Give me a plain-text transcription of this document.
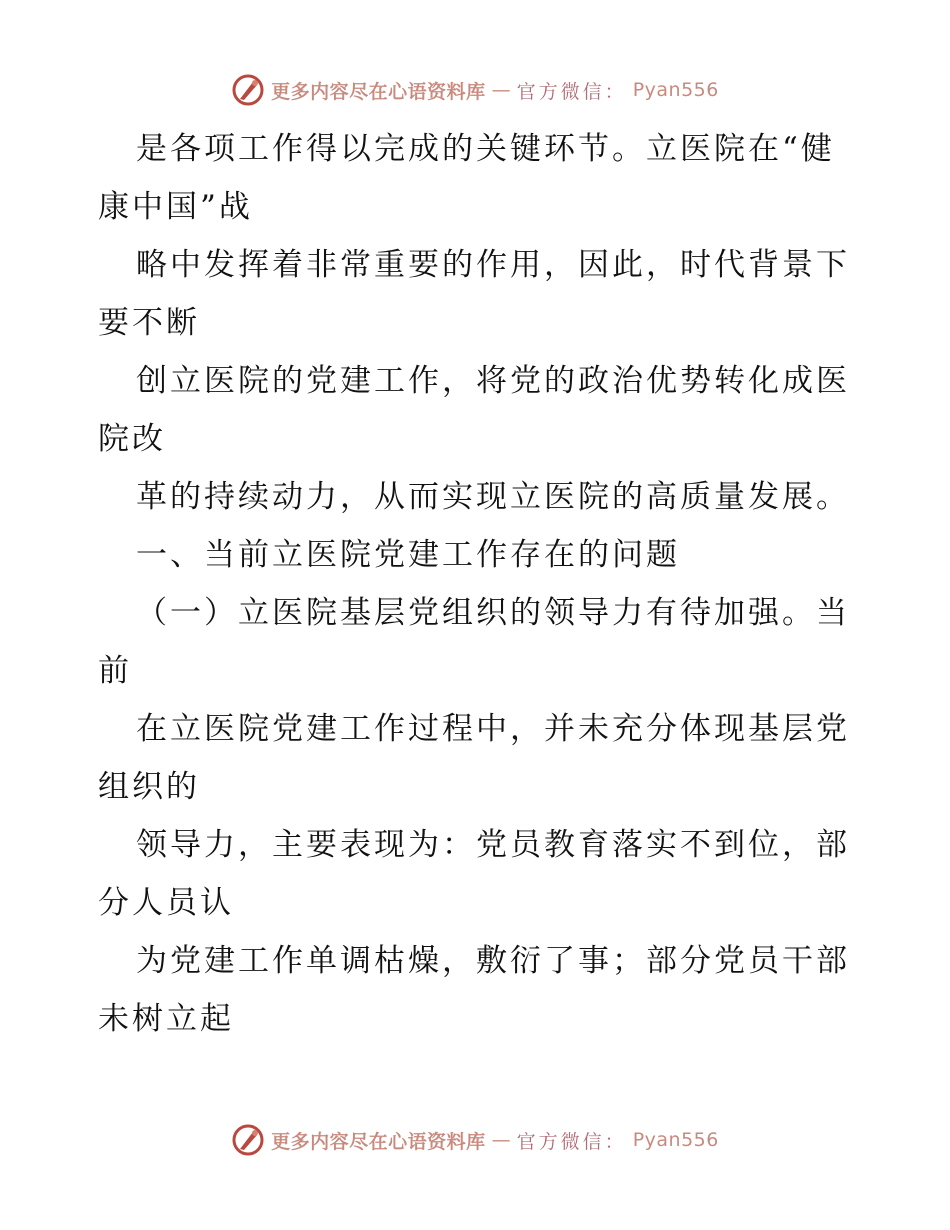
更多内容尽在心语资料库 — 官方微信： Pyan556
是各项工作得以完成的关键环节。立医院在“健
康中国”战
略中发挥着非常重要的作用，因此，时代背景下
要不断
创立医院的党建工作，将党的政治优势转化成医
院改
革的持续动力，从而实现立医院的高质量发展。
一、当前立医院党建工作存在的问题
（一）立医院基层党组织的领导力有待加强。当
前
在立医院党建工作过程中，并未充分体现基层党
组织的
领导力，主要表现为：党员教育落实不到位，部
分人员认
为党建工作单调枯燥，敷衍了事；部分党员干部
未树立起
更多内容尽在心语资料库 — 官方微信： Pyan556
